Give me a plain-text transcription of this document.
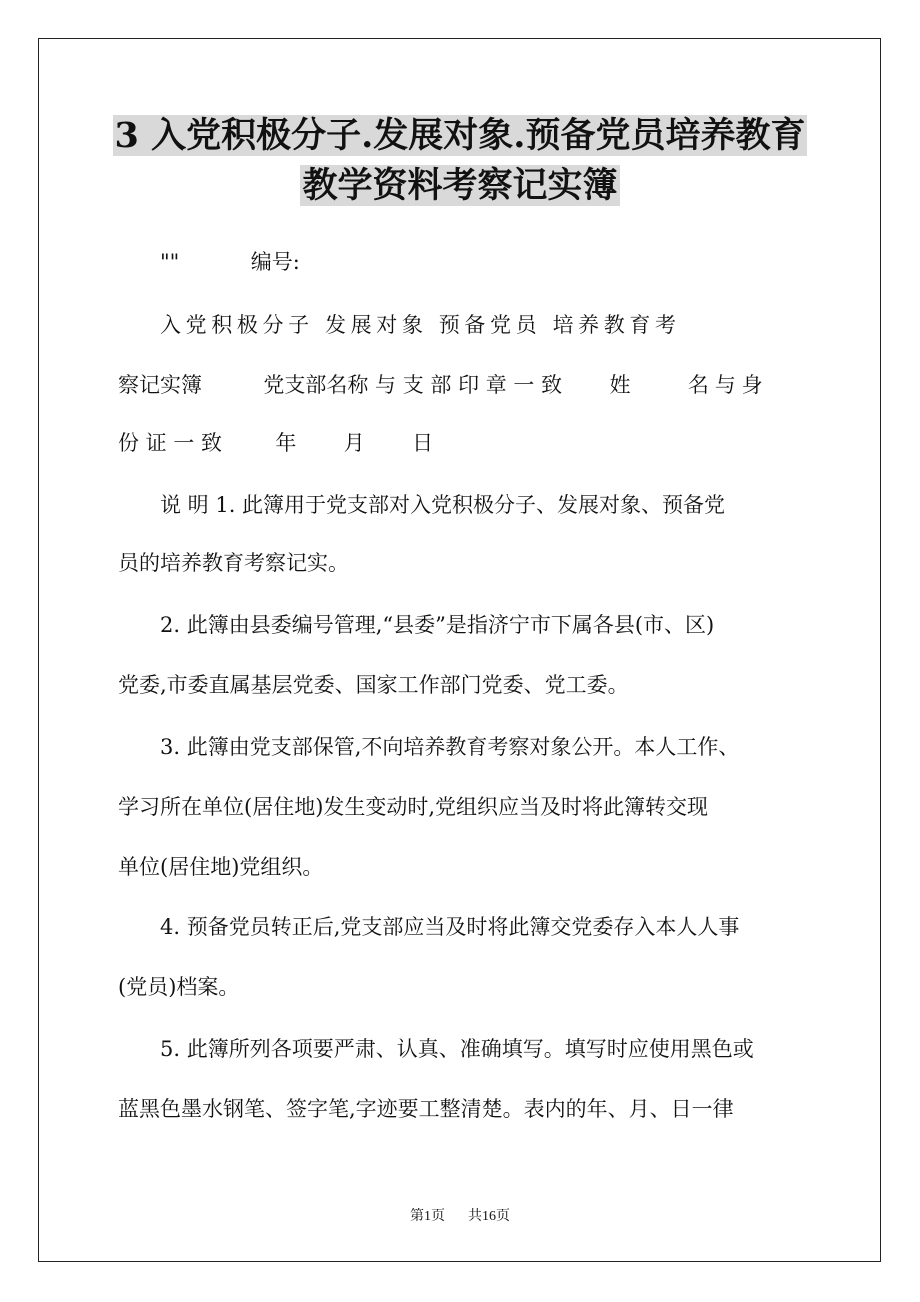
3 入党积极分子.发展对象.预备党员培养教育
教学资料考察记实簿
""	编号:
入党积极分子 发展对象 预备党员 培养教育考
察记实簿	党支部名称 与 支 部 印 章 一 致 姓	名与身
份 证 一 致	年 月 日
说 明 1. 此簿用于党支部对入党积极分子、发展对象、预备党
员的培养教育考察记实。
2. 此簿由县委编号管理,“县委”是指济宁市下属各县(市、区)
党委,市委直属基层党委、国家工作部门党委、党工委。
3. 此簿由党支部保管,不向培养教育考察对象公开。本人工作、
学习所在单位(居住地)发生变动时,党组织应当及时将此簿转交现
单位(居住地)党组织。
4. 预备党员转正后,党支部应当及时将此簿交党委存入本人人事
(党员)档案。
5. 此簿所列各项要严肃、认真、准确填写。填写时应使用黑色或
蓝黑色墨水钢笔、签字笔,字迹要工整清楚。表内的年、月、日一律
第1页 共16页
